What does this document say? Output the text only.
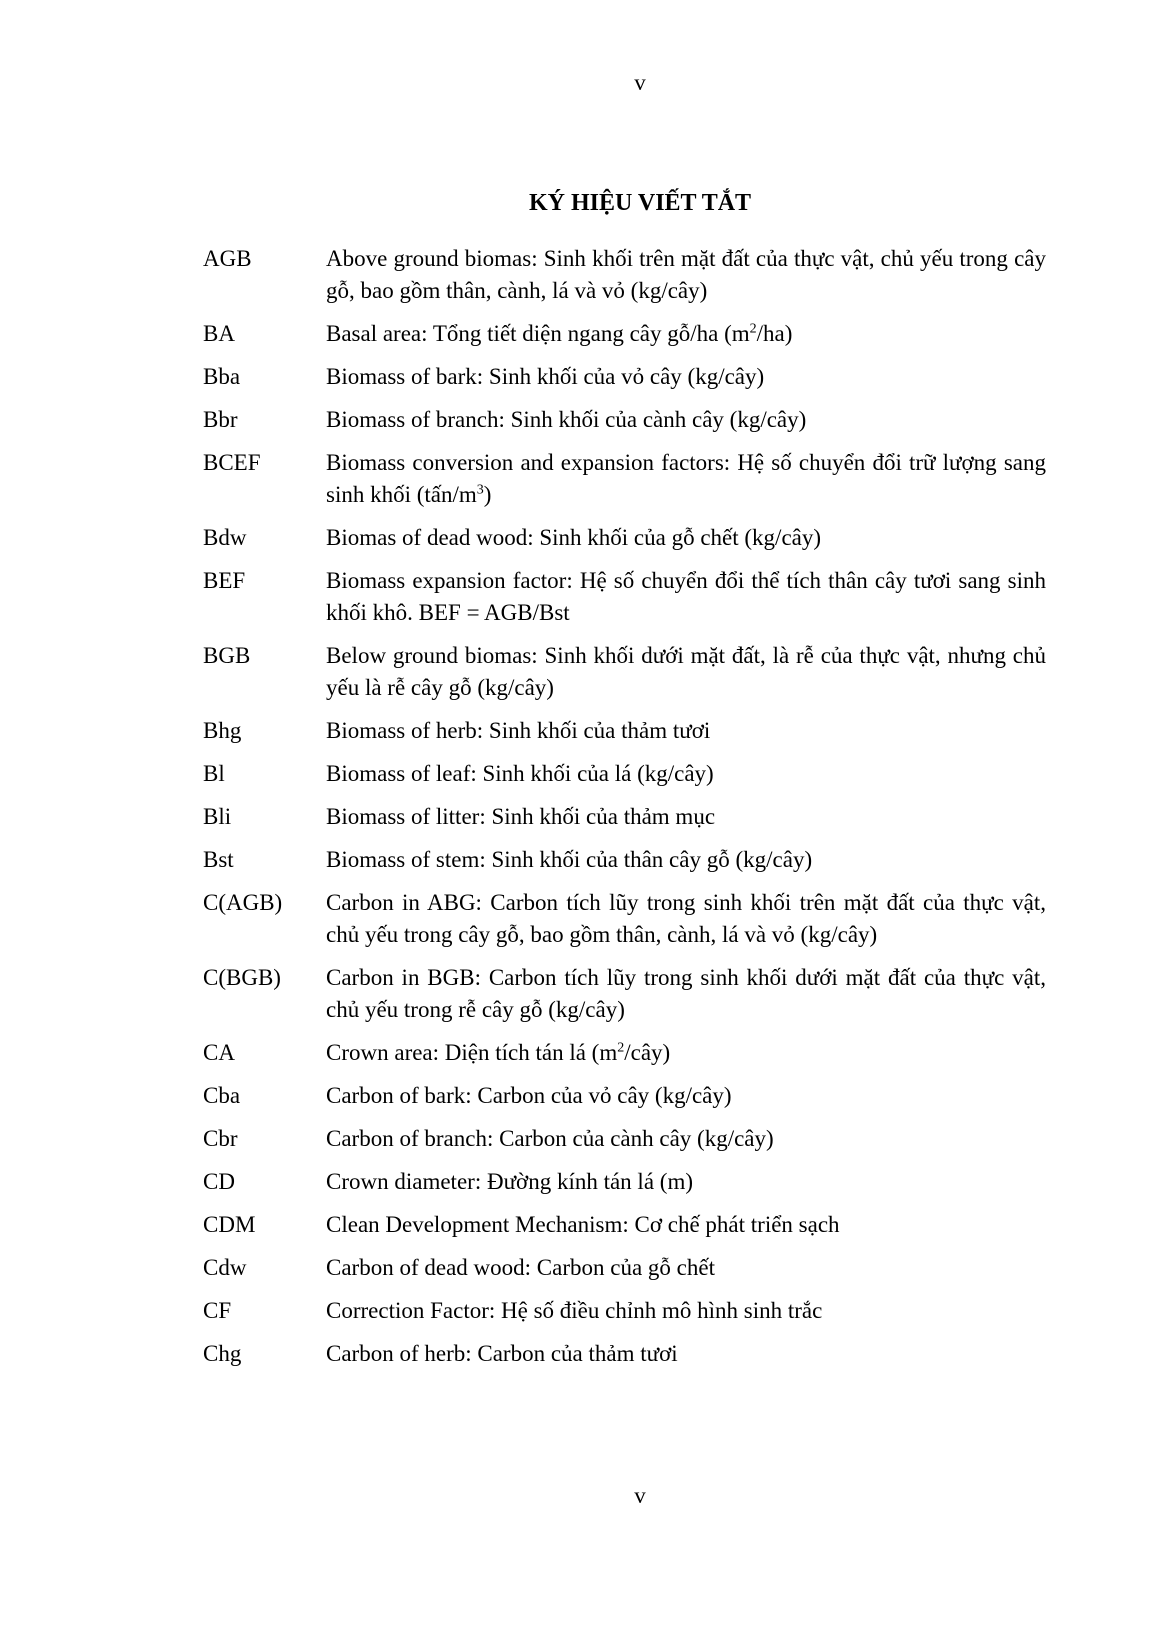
v
KÝ HIỆU VIẾT TẮT
AGB	Above ground biomas: Sinh khối trên mặt đất của thực vật, chủ yếu trong cây gỗ, bao gồm thân, cành, lá và vỏ (kg/cây)
BA	Basal area: Tổng tiết diện ngang cây gỗ/ha $(m^2/ha)$
Bba	Biomass of bark: Sinh khối của vỏ cây (kg/cây)
Bbr	Biomass of branch: Sinh khối của cành cây (kg/cây)
BCEF	Biomass conversion and expansion factors: Hệ số chuyển đổi trữ lượng sang sinh khối $(tấn/m^3)$
Bdw	Biomas of dead wood: Sinh khối của gỗ chết (kg/cây)
BEF	Biomass expansion factor: Hệ số chuyển đổi thể tích thân cây tươi sang sinh khối khô. BEF = AGB/Bst
BGB	Below ground biomas: Sinh khối dưới mặt đất, là rễ của thực vật, nhưng chủ yếu là rễ cây gỗ (kg/cây)
Bhg	Biomass of herb: Sinh khối của thảm tươi
Bl	Biomass of leaf: Sinh khối của lá (kg/cây)
Bli	Biomass of litter: Sinh khối của thảm mục
Bst	Biomass of stem: Sinh khối của thân cây gỗ (kg/cây)
C(AGB)	Carbon in ABG: Carbon tích lũy trong sinh khối trên mặt đất của thực vật, chủ yếu trong cây gỗ, bao gồm thân, cành, lá và vỏ (kg/cây)
C(BGB)	Carbon in BGB: Carbon tích lũy trong sinh khối dưới mặt đất của thực vật, chủ yếu trong rễ cây gỗ (kg/cây)
CA	Crown area: Diện tích tán lá $(m^2/cây)$
Cba	Carbon of bark: Carbon của vỏ cây (kg/cây)
Cbr	Carbon of branch: Carbon của cành cây (kg/cây)
CD	Crown diameter: Đường kính tán lá (m)
CDM	Clean Development Mechanism: Cơ chế phát triển sạch
Cdw	Carbon of dead wood: Carbon của gỗ chết
CF	Correction Factor: Hệ số điều chỉnh mô hình sinh trắc
Chg	Carbon of herb: Carbon của thảm tươi
v
